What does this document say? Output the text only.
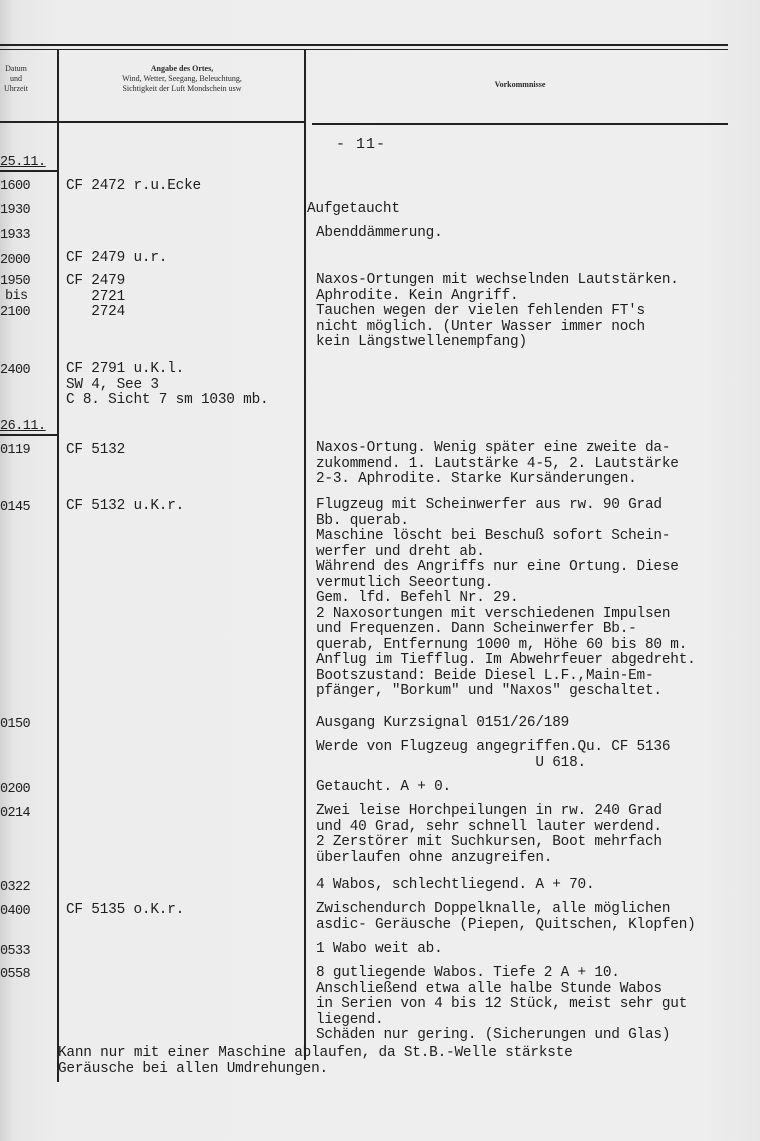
Datum
und
Uhrzeit
Angabe des Ortes,
Wind, Wetter, Seegang, Beleuchtung,
Sichtigkeit der Luft Mondschein usw	Vorkommnisse
- 11-
25.11.
26.11.
1600
1930
1933
2000
1950
bis
2100
2400
0119
0145
0150
0200
0214
0322
0400
0533
0558
CF 2472 r.u.Ecke
CF 2479 u.r.
CF 2479
2721
2724
CF 2791 u.K.l.
SW 4, See 3
C 8. Sicht 7 sm 1030 mb.
CF 5132
CF 5132 u.K.r.
CF 5135 o.K.r.
Aufgetaucht
Abenddämmerung.
Naxos-Ortungen mit wechselnden Lautstärken.
Aphrodite. Kein Angriff.
Tauchen wegen der vielen fehlenden FT's
nicht möglich. (Unter Wasser immer noch
kein Längstwellenempfang)
Naxos-Ortung. Wenig später eine zweite da-
zukommend. 1. Lautstärke 4-5, 2. Lautstärke
2-3. Aphrodite. Starke Kursänderungen.
Flugzeug mit Scheinwerfer aus rw. 90 Grad
Bb. querab.
Maschine löscht bei Beschuß sofort Schein-
werfer und dreht ab.
Während des Angriffs nur eine Ortung. Diese
vermutlich Seeortung.
Gem. lfd. Befehl Nr. 29.
2 Naxosortungen mit verschiedenen Impulsen
und Frequenzen. Dann Scheinwerfer Bb.-
querab, Entfernung 1000 m, Höhe 60 bis 80 m.
Anflug im Tiefflug. Im Abwehrfeuer abgedreht.
Bootszustand: Beide Diesel L.F.,Main-Em-
pfänger, "Borkum" und "Naxos" geschaltet.
Ausgang Kurzsignal 0151/26/189
Werde von Flugzeug angegriffen.Qu. CF 5136
U 618.
Getaucht. A + 0.
Zwei leise Horchpeilungen in rw. 240 Grad
und 40 Grad, sehr schnell lauter werdend.
2 Zerstörer mit Suchkursen, Boot mehrfach
überlaufen ohne anzugreifen.
4 Wabos, schlechtliegend. A + 70.
Zwischendurch Doppelknalle, alle möglichen
asdic- Geräusche (Piepen, Quitschen, Klopfen)
1 Wabo weit ab.
8 gutliegende Wabos. Tiefe 2 A + 10.
Anschließend etwa alle halbe Stunde Wabos
in Serien von 4 bis 12 Stück, meist sehr gut
liegend.
Schäden nur gering. (Sicherungen und Glas)
Kann nur mit einer Maschine ablaufen, da St.B.-Welle stärkste
Geräusche bei allen Umdrehungen.
